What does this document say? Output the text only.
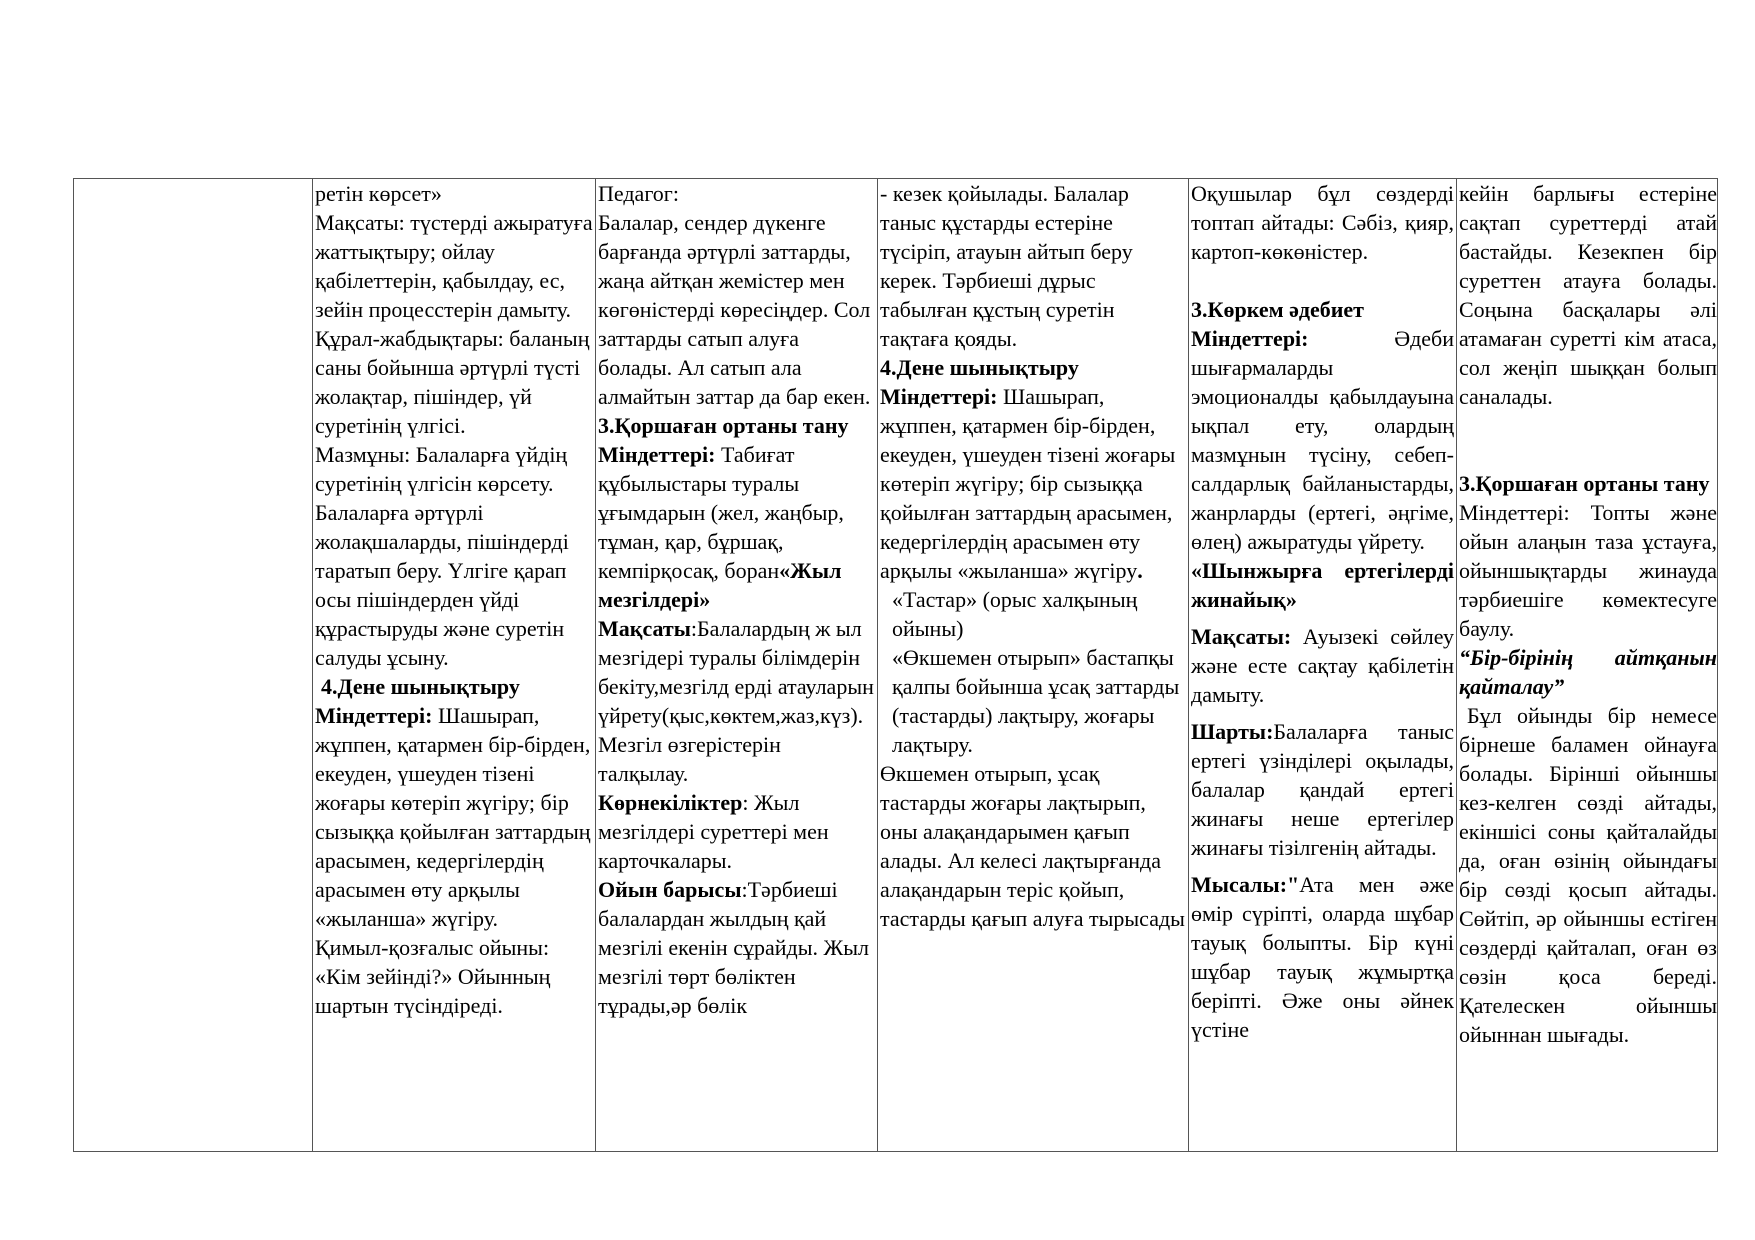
ретін көрсет»

Мақсаты: түстерді ажыратуға жаттықтыру; ойлау қабілеттерін, қабылдау, ес, зейін процесстерін дамыту.

Құрал-жабдықтары: баланың саны бойынша әртүрлі түсті жолақтар, пішіндер, үй суретінің үлгісі.

Мазмұны: Балаларға үйдің суретінің үлгісін көрсету. Балаларға әртүрлі жолақшаларды, пішіндерді таратып беру. Үлгіге қарап осы пішіндерден үйді құрастыруды және суретін салуды ұсыну.

4.Дене шынықтыру

Міндеттері: Шашырап, жұппен, қатармен бір-бірден, екеуден, үшеуден тізені жоғары көтеріп жүгіру; бір сызыққа қойылған заттардың арасымен, кедергілердің арасымен өту арқылы «жыланша» жүгіру.

Қимыл-қозғалыс ойыны: «Кім зейінді?» Ойынның шартын түсіндіреді.

Педагог:

Балалар, сендер дүкенге барғанда әртүрлі заттарды, жаңа айтқан жемістер мен көгөністерді көресіңдер. Сол заттарды сатып алуға болады. Ал сатып ала алмайтын заттар да бар екен.

3.Қоршаған ортаны тану

Міндеттері: Табиғат құбылыстары туралы ұғымдарын (жел, жаңбыр, тұман, қар, бұршақ, кемпірқосақ, боран«Жыл мезгілдері»

Мақсаты:Балалардың ж ыл мезгідері туралы білімдерін бекіту,мезгілд ерді атауларын үйрету(қыс,көктем,жаз,күз). Мезгіл өзгерістерін талқылау.

Көрнекіліктер: Жыл мезгілдері суреттері мен карточкалары.

Ойын барысы:Тәрбиеші балалардан жылдың қай мезгілі екенін сұрайды. Жыл мезгілі төрт бөліктен тұрады,әр бөлік

- кезек қойылады. Балалар таныс құстарды естеріне түсіріп, атауын айтып беру керек. Тәрбиеші дұрыс табылған құстың суретін тақтаға қояды.

4.Дене шынықтыру

Міндеттері: Шашырап, жұппен, қатармен бір-бірден, екеуден, үшеуден тізені жоғары көтеріп жүгіру; бір сызыққа қойылған заттардың арасымен, кедергілердің арасымен өту арқылы «жыланша» жүгіру.

«Тастар» (орыс халқының ойыны)

«Өкшемен отырып» бастапқы қалпы бойынша ұсақ заттарды (тастарды) лақтыру, жоғары лақтыру.

Өкшемен отырып, ұсақ тастарды жоғары лақтырып, оны алақандарымен қағып алады. Ал келесі лақтырғанда алақандарын теріс қойып, тастарды қағып алуға тырысады

Оқушылар бұл сөздерді топтап айтады: Сәбіз, қияр, картоп-көкөністер.

3.Көркем әдебиет

Міндеттері: Әдеби шығармаларды эмоционалды қабылдауына ықпал ету, олардың мазмұнын түсіну, себеп-салдарлық байланыстарды, жанрларды (ертегі, әңгіме, өлең) ажыратуды үйрету.

«Шынжырға ертегілерді жинайық»

Мақсаты: Ауызекі сөйлеу және есте сақтау қабілетін дамыту.

Шарты:Балаларға таныс ертегі үзінділері оқылады, балалар қандай ертегі жинағы неше ертегілер жинағы тізілгенің айтады.

Мысалы:"Ата мен әже өмір сүріпті, оларда шұбар тауық болыпты. Бір күні шұбар тауық жұмыртқа беріпті. Әже оны әйнек үстіне

кейін барлығы естеріне сақтап суреттерді атай бастайды. Кезекпен бір суреттен атауға болады. Соңына басқалары әлі атамаған суретті кім атаса, сол жеңіп шыққан болып саналады.

3.Қоршаған ортаны тану

Міндеттері: Топты және ойын алаңын таза ұстауға, ойыншықтарды жинауда тәрбиешіге көмектесуге баулу.

“Бір-бірінің айтқанын қайталау”

Бұл ойынды бір немесе бірнеше баламен ойнауға болады. Бірінші ойыншы кез-келген сөзді айтады, екіншісі соны қайталайды да, оған өзінің ойындағы бір сөзді қосып айтады. Сөйтіп, әр ойыншы естіген сөздерді қайталап, оған өз сөзін қоса береді. Қателескен ойыншы ойыннан шығады.
